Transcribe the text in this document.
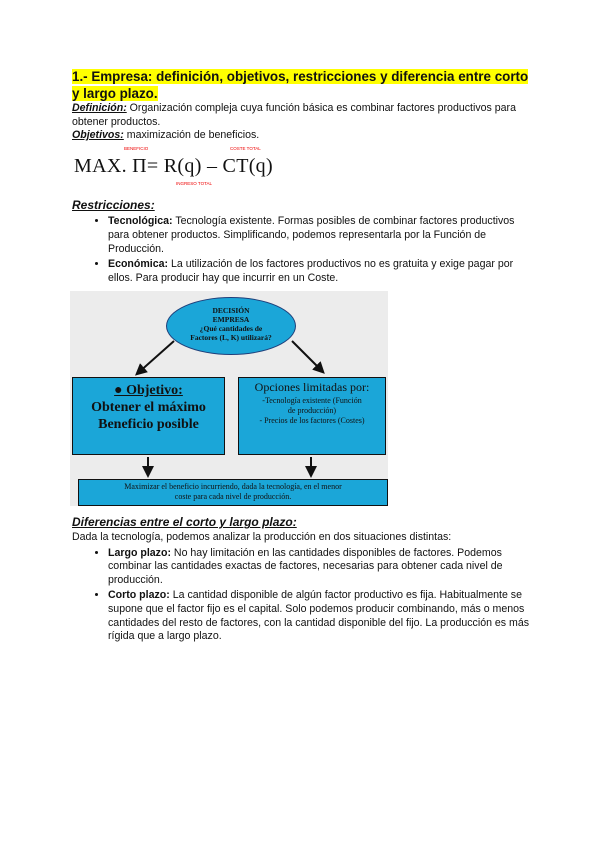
1.- Empresa: definición, objetivos, restricciones y diferencia entre corto y largo plazo.

Definición: Organización compleja cuya función básica es combinar factores productivos para obtener productos.

Objetivos: maximización de beneficios.

BENEFICIO	COSTE TOTAL
MAX. Π= R(q) – CT(q)
INGRESO TOTAL

Restricciones:

• Tecnológica: Tecnología existente. Formas posibles de combinar factores productivos para obtener productos. Simplificando, podemos representarla por la Función de Producción.
• Económica: La utilización de los factores productivos no es gratuita y exige pagar por ellos. Para producir hay que incurrir en un Coste.
DECISIÓN
EMPRESA
¿Qué cantidades de
Factores (L, K) utilizará?
● Objetivo:
Obtener el máximo
Beneficio posible
Opciones limitadas por:
-Tecnología existente (Función
de producción)
- Precios de los factores (Costes)
Maximizar el beneficio incurriendo, dada la tecnología, en el menor
coste para cada nivel de producción.

Diferencias entre el corto y largo plazo:

Dada la tecnología, podemos analizar la producción en dos situaciones distintas:

• Largo plazo: No hay limitación en las cantidades disponibles de factores. Podemos combinar las cantidades exactas de factores, necesarias para obtener cada nivel de producción.
• Corto plazo: La cantidad disponible de algún factor productivo es fija. Habitualmente se supone que el factor fijo es el capital. Solo podemos producir combinando, más o menos cantidades del resto de factores, con la cantidad disponible del fijo. La producción es más rígida que a largo plazo.
